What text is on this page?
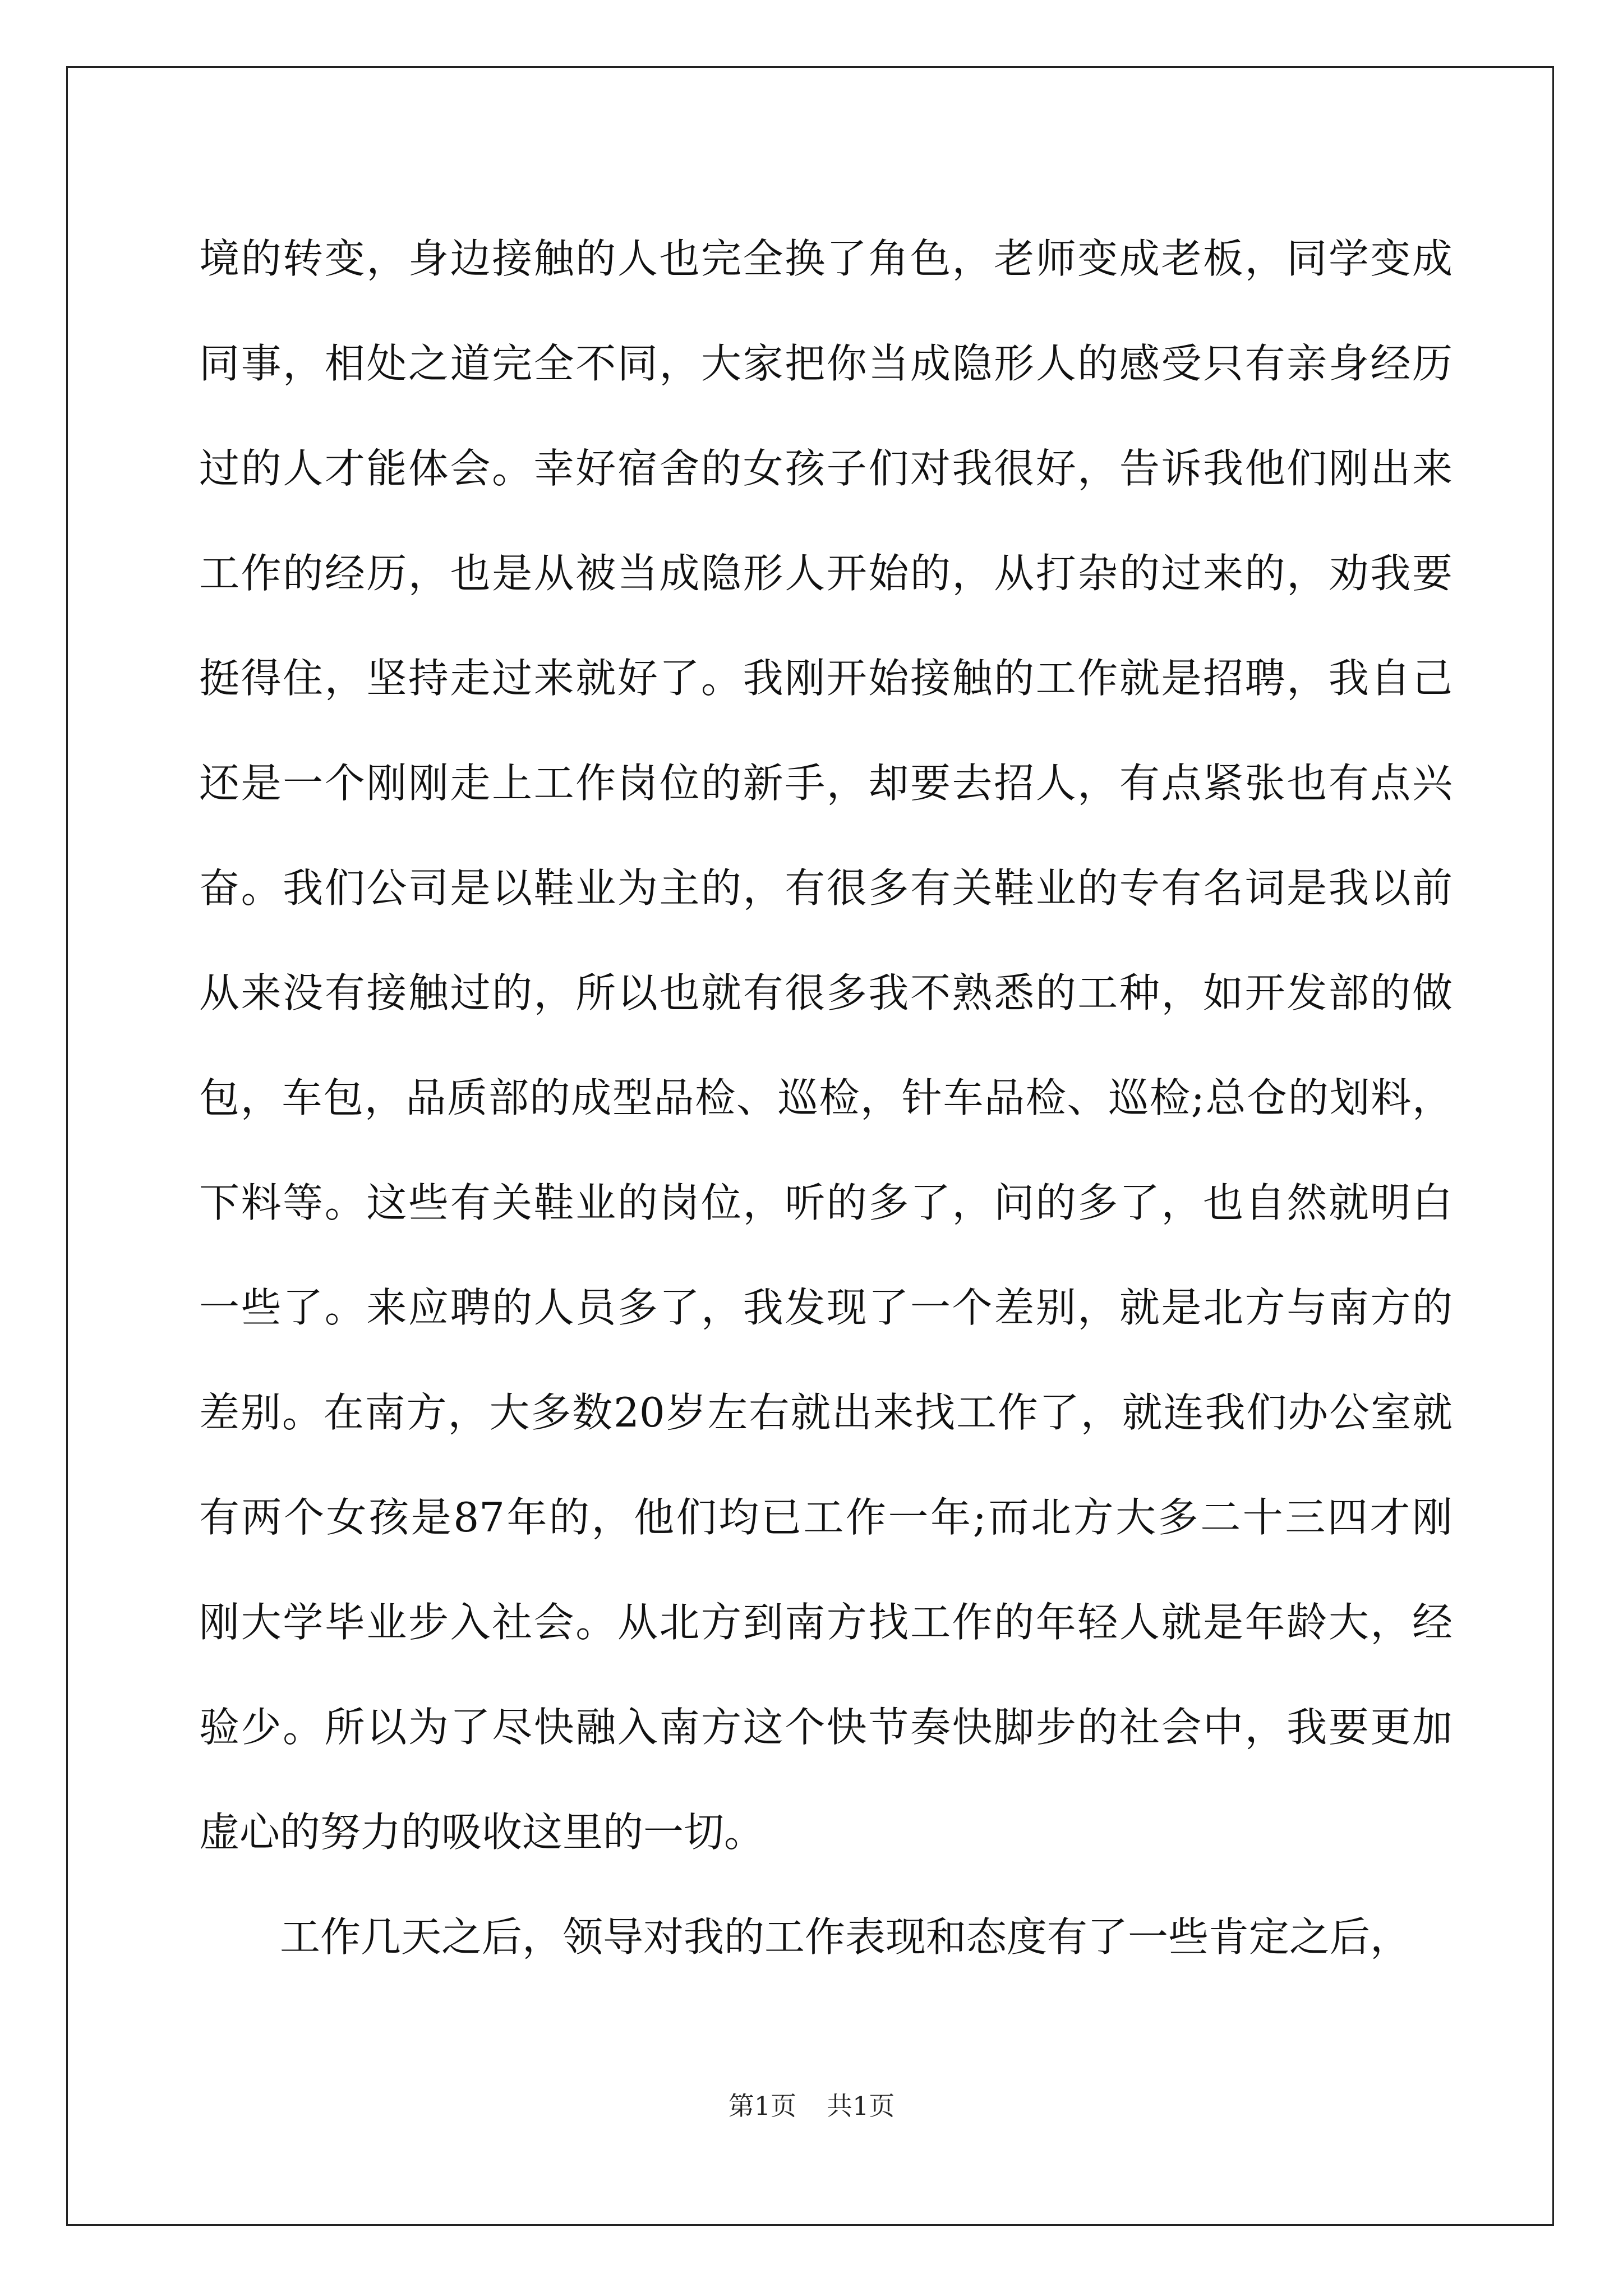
境的转变，身边接触的人也完全换了角色，老师变成老板，同学变成
同事，相处之道完全不同，大家把你当成隐形人的感受只有亲身经历
过的人才能体会。幸好宿舍的女孩子们对我很好，告诉我他们刚出来
工作的经历，也是从被当成隐形人开始的，从打杂的过来的，劝我要
挺得住，坚持走过来就好了。我刚开始接触的工作就是招聘，我自己
还是一个刚刚走上工作岗位的新手，却要去招人，有点紧张也有点兴
奋。我们公司是以鞋业为主的，有很多有关鞋业的专有名词是我以前
从来没有接触过的，所以也就有很多我不熟悉的工种，如开发部的做
包，车包，品质部的成型品检、巡检，针车品检、巡检;总仓的划料，
下料等。这些有关鞋业的岗位，听的多了，问的多了，也自然就明白
一些了。来应聘的人员多了，我发现了一个差别，就是北方与南方的
差别。在南方，大多数20岁左右就出来找工作了，就连我们办公室就
有两个女孩是87年的，他们均已工作一年;而北方大多二十三四才刚
刚大学毕业步入社会。从北方到南方找工作的年轻人就是年龄大，经
验少。所以为了尽快融入南方这个快节奏快脚步的社会中，我要更加
虚心的努力的吸收这里的一切。

工作几天之后，领导对我的工作表现和态度有了一些肯定之后，

第1页 共1页
